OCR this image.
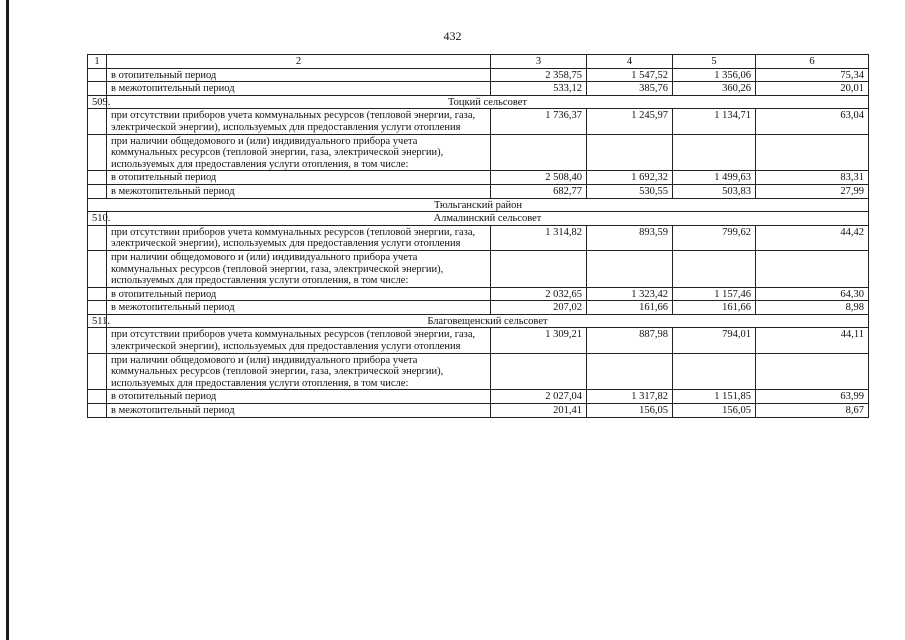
432
1	2	3	4	5	6
	в отопительный период	2 358,75	1 547,52	1 356,06	75,34
	в межотопительный период	533,12	385,76	360,26	20,01
509.	Тоцкий сельсовет				
	при отсутствии приборов учета коммунальных ресурсов (тепловой энергии, газа, электрической энергии), используемых для предоставления услуги отопления	1 736,37	1 245,97	1 134,71	63,04
	при наличии общедомового и (или) индивидуального прибора учета коммунальных ресурсов (тепловой энергии, газа, электрической энергии), используемых для предоставления услуги отопления, в том числе:				
	в отопительный период	2 508,40	1 692,32	1 499,63	83,31
	в межотопительный период	682,77	530,55	503,83	27,99
Тюльганский район					
510.	Алмалинский сельсовет				
	при отсутствии приборов учета коммунальных ресурсов (тепловой энергии, газа, электрической энергии), используемых для предоставления услуги отопления	1 314,82	893,59	799,62	44,42
	при наличии общедомового и (или) индивидуального прибора учета коммунальных ресурсов (тепловой энергии, газа, электрической энергии), используемых для предоставления услуги отопления, в том числе:				
	в отопительный период	2 032,65	1 323,42	1 157,46	64,30
	в межотопительный период	207,02	161,66	161,66	8,98
511.	Благовещенский сельсовет				
	при отсутствии приборов учета коммунальных ресурсов (тепловой энергии, газа, электрической энергии), используемых для предоставления услуги отопления	1 309,21	887,98	794,01	44,11
	при наличии общедомового и (или) индивидуального прибора учета коммунальных ресурсов (тепловой энергии, газа, электрической энергии), используемых для предоставления услуги отопления, в том числе:				
	в отопительный период	2 027,04	1 317,82	1 151,85	63,99
	в межотопительный период	201,41	156,05	156,05	8,67
